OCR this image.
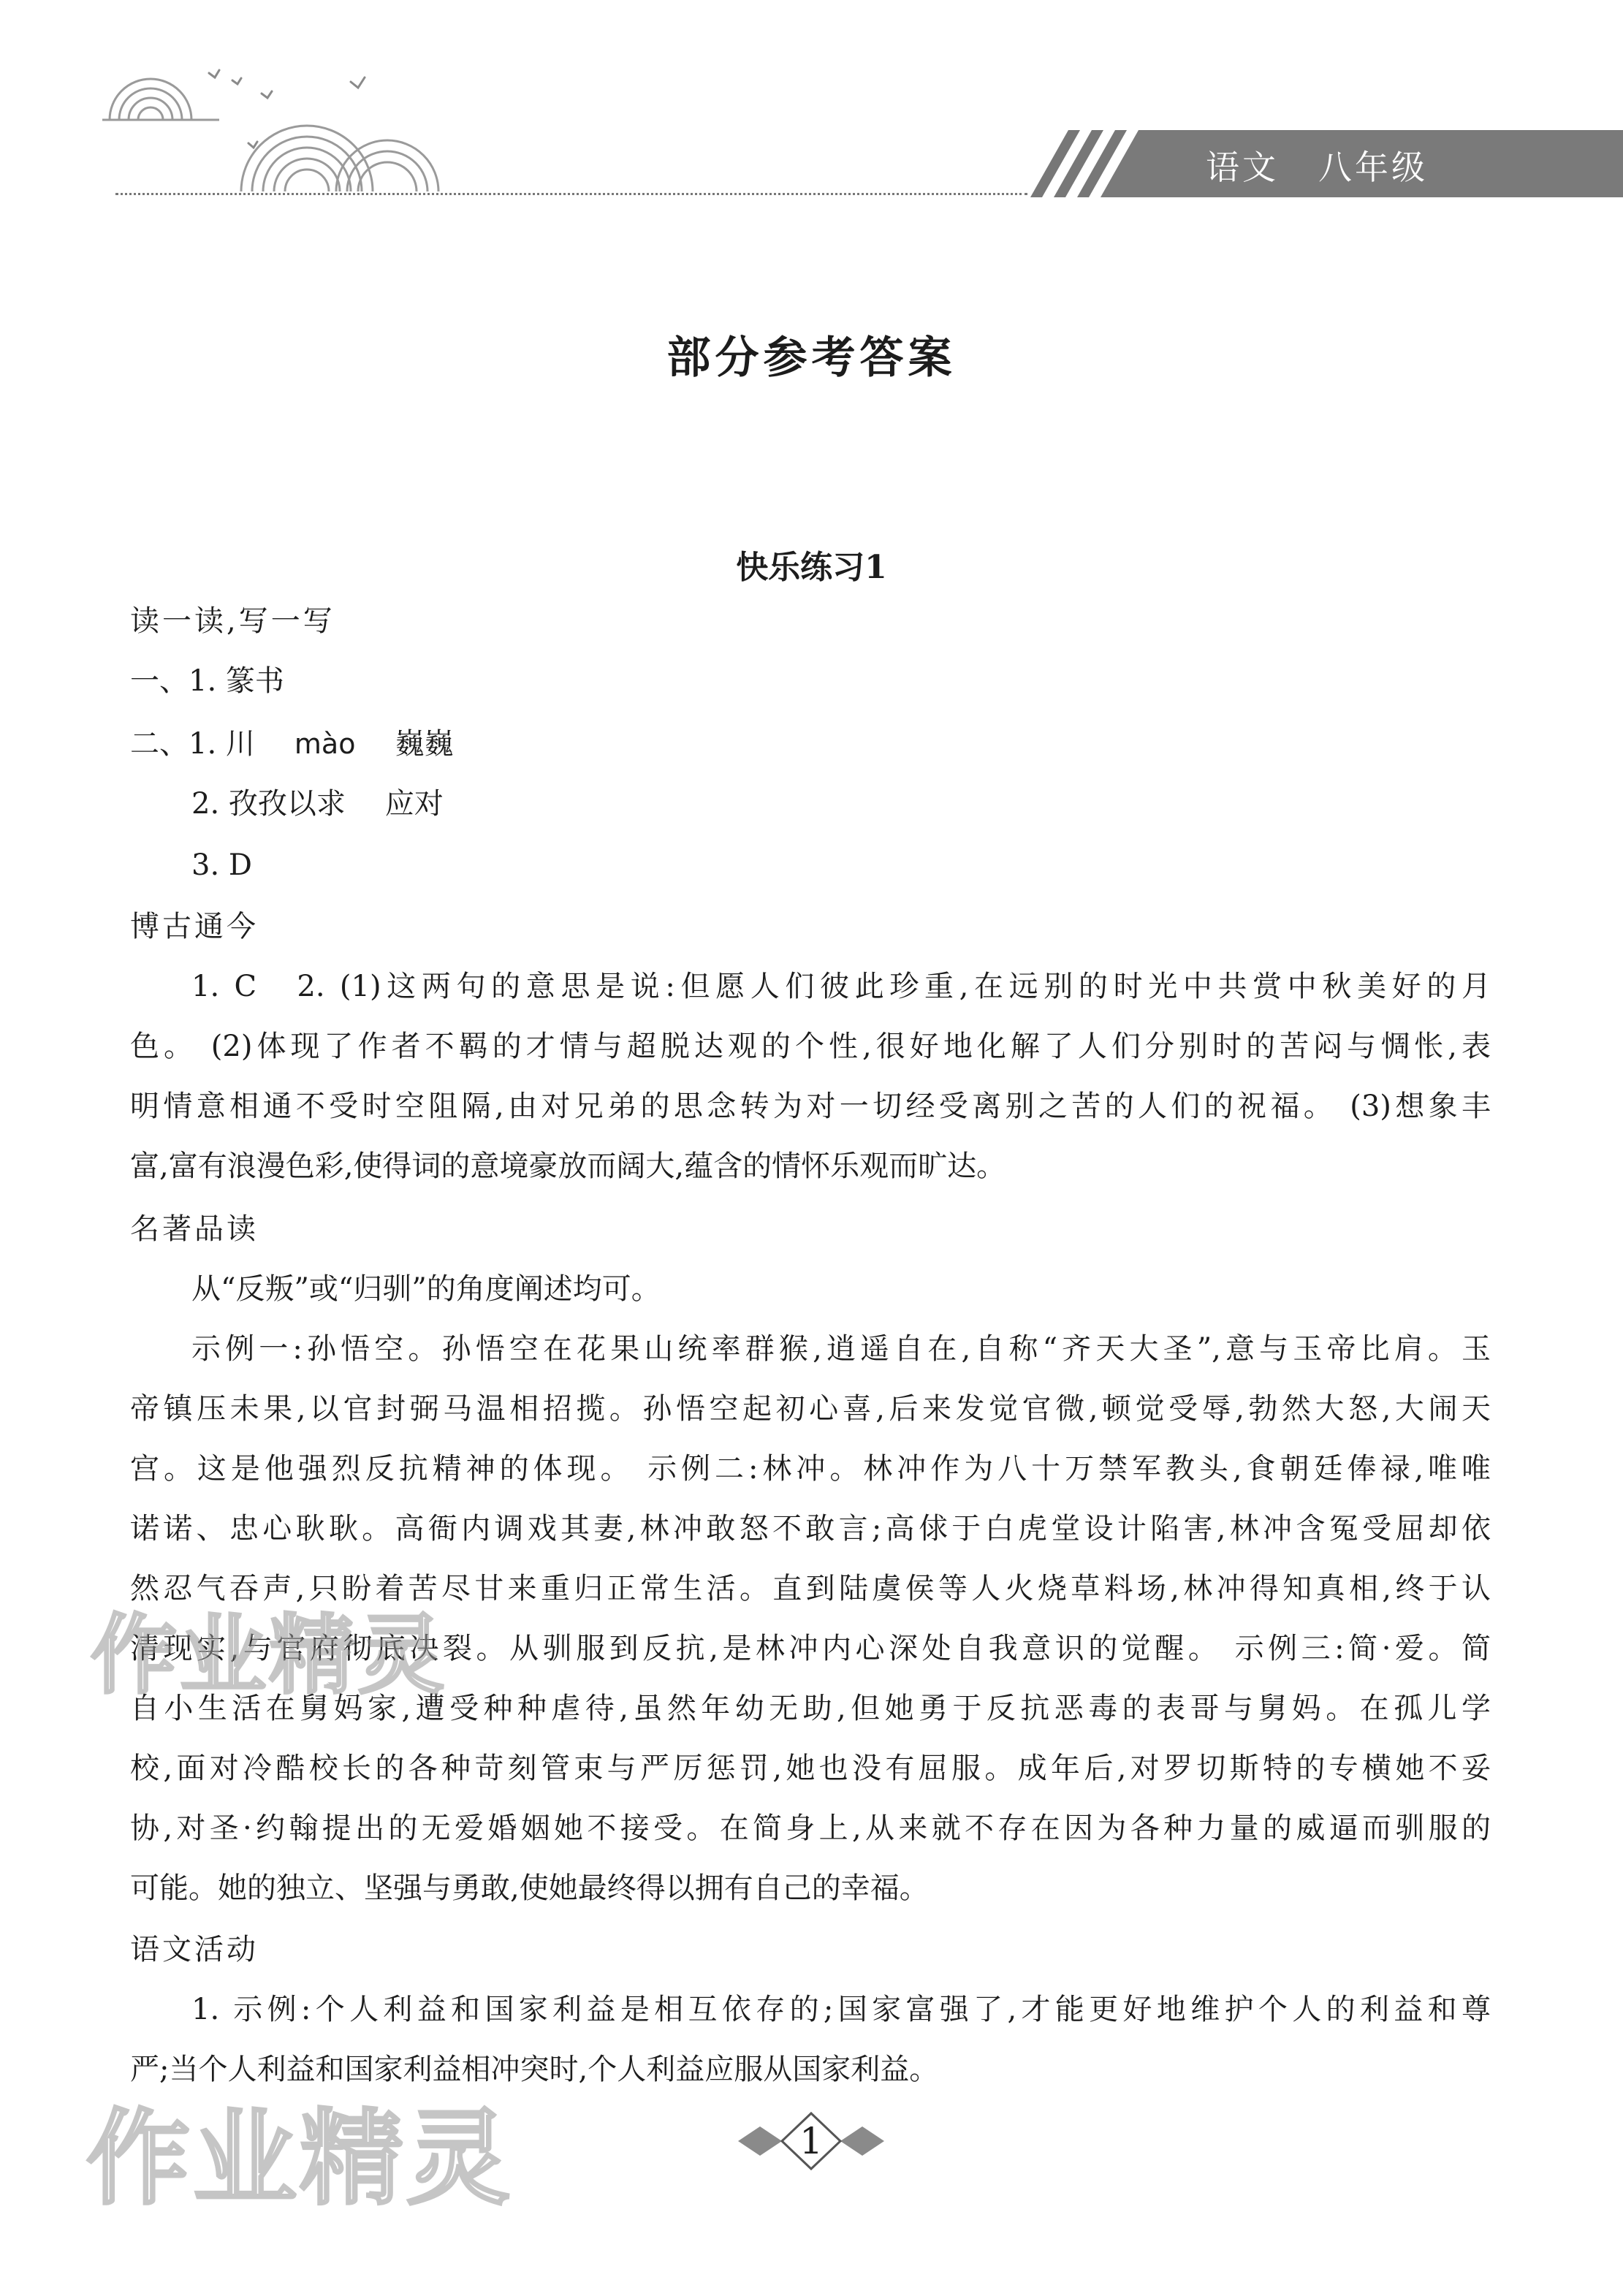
语文 八年级
部分参考答案
快乐练习1
读一读,写一写
一、1. 篆书
二、1. 川 mào 巍巍
2. 孜孜以求 应对
3. D
博古通今
1. C　2. (1)这两句的意思是说:但愿人们彼此珍重,在远别的时光中共赏中秋美好的月
色。 (2)体现了作者不羁的才情与超脱达观的个性,很好地化解了人们分别时的苦闷与惆怅,表
明情意相通不受时空阻隔,由对兄弟的思念转为对一切经受离别之苦的人们的祝福。 (3)想象丰
富,富有浪漫色彩,使得词的意境豪放而阔大,蕴含的情怀乐观而旷达。
名著品读
从“反叛”或“归驯”的角度阐述均可。
示例一:孙悟空。孙悟空在花果山统率群猴,逍遥自在,自称“齐天大圣”,意与玉帝比肩。玉
帝镇压未果,以官封弼马温相招揽。孙悟空起初心喜,后来发觉官微,顿觉受辱,勃然大怒,大闹天
宫。这是他强烈反抗精神的体现。 示例二:林冲。林冲作为八十万禁军教头,食朝廷俸禄,唯唯
诺诺、忠心耿耿。高衙内调戏其妻,林冲敢怒不敢言;高俅于白虎堂设计陷害,林冲含冤受屈却依
然忍气吞声,只盼着苦尽甘来重归正常生活。直到陆虞侯等人火烧草料场,林冲得知真相,终于认
清现实,与官府彻底决裂。从驯服到反抗,是林冲内心深处自我意识的觉醒。 示例三:简·爱。简
自小生活在舅妈家,遭受种种虐待,虽然年幼无助,但她勇于反抗恶毒的表哥与舅妈。在孤儿学
校,面对冷酷校长的各种苛刻管束与严厉惩罚,她也没有屈服。成年后,对罗切斯特的专横她不妥
协,对圣·约翰提出的无爱婚姻她不接受。在简身上,从来就不存在因为各种力量的威逼而驯服的
可能。她的独立、坚强与勇敢,使她最终得以拥有自己的幸福。
语文活动
1. 示例:个人利益和国家利益是相互依存的;国家富强了,才能更好地维护个人的利益和尊
严;当个人利益和国家利益相冲突时,个人利益应服从国家利益。
作业精灵
作业精灵	1
